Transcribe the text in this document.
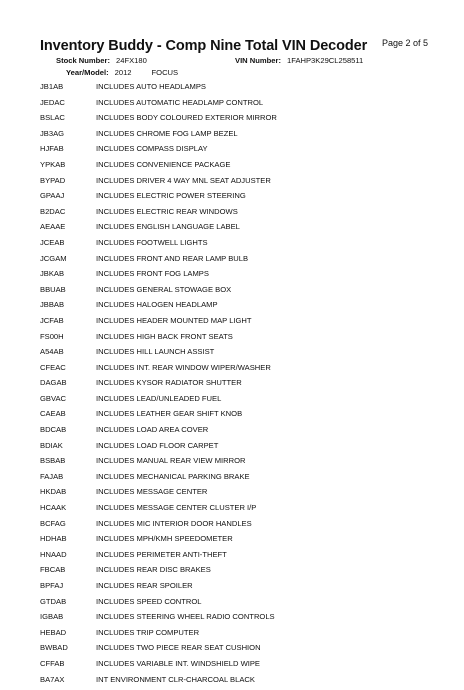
Inventory Buddy - Comp Nine Total VIN Decoder Page 2 of 5
Stock Number: 24FX180	VIN Number: 1FAHP3K29CL258511
Year/Model: 2012	FOCUS
JB1AB	INCLUDES AUTO HEADLAMPS
JEDAC	INCLUDES AUTOMATIC HEADLAMP CONTROL
BSLAC	INCLUDES BODY COLOURED EXTERIOR MIRROR
JB3AG	INCLUDES CHROME FOG LAMP BEZEL
HJFAB	INCLUDES COMPASS DISPLAY
YPKAB	INCLUDES CONVENIENCE PACKAGE
BYPAD	INCLUDES DRIVER 4 WAY MNL SEAT ADJUSTER
GPAAJ	INCLUDES ELECTRIC POWER STEERING
B2DAC	INCLUDES ELECTRIC REAR WINDOWS
AEAAE	INCLUDES ENGLISH LANGUAGE LABEL
JCEAB	INCLUDES FOOTWELL LIGHTS
JCGAM	INCLUDES FRONT AND REAR LAMP BULB
JBKAB	INCLUDES FRONT FOG LAMPS
BBUAB	INCLUDES GENERAL STOWAGE BOX
JBBAB	INCLUDES HALOGEN HEADLAMP
JCFAB	INCLUDES HEADER MOUNTED MAP LIGHT
FS00H	INCLUDES HIGH BACK FRONT SEATS
A54AB	INCLUDES HILL LAUNCH ASSIST
CFEAC	INCLUDES INT. REAR WINDOW WIPER/WASHER
DAGAB	INCLUDES KYSOR RADIATOR SHUTTER
GBVAC	INCLUDES LEAD/UNLEADED FUEL
CAEAB	INCLUDES LEATHER GEAR SHIFT KNOB
BDCAB	INCLUDES LOAD AREA COVER
BDIAK	INCLUDES LOAD FLOOR CARPET
BSBAB	INCLUDES MANUAL REAR VIEW MIRROR
FAJAB	INCLUDES MECHANICAL PARKING BRAKE
HKDAB	INCLUDES MESSAGE CENTER
HCAAK	INCLUDES MESSAGE CENTER CLUSTER I/P
BCFAG	INCLUDES MIC INTERIOR DOOR HANDLES
HDHAB	INCLUDES MPH/KMH SPEEDOMETER
HNAAD	INCLUDES PERIMETER ANTI-THEFT
FBCAB	INCLUDES REAR DISC BRAKES
BPFAJ	INCLUDES REAR SPOILER
GTDAB	INCLUDES SPEED CONTROL
IGBAB	INCLUDES STEERING WHEEL RADIO CONTROLS
HEBAD	INCLUDES TRIP COMPUTER
BWBAD	INCLUDES TWO PIECE REAR SEAT CUSHION
CFFAB	INCLUDES VARIABLE INT. WINDSHIELD WIPE
BA7AX	INT ENVIRONMENT CLR-CHARCOAL BLACK
